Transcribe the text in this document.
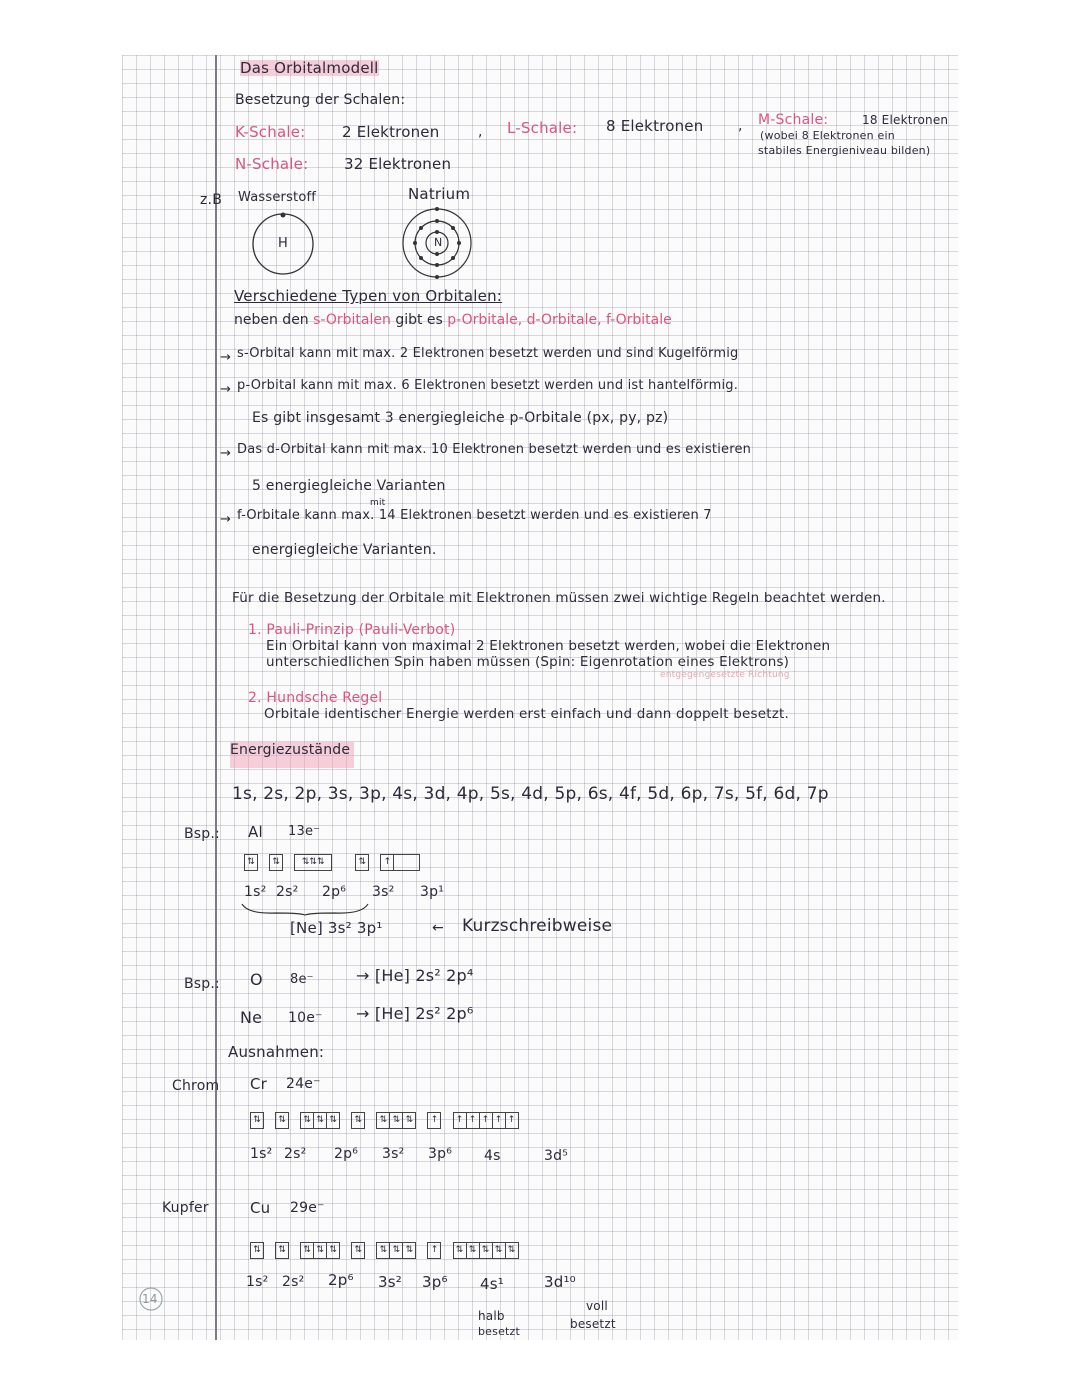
Das Orbitalmodell
Besetzung der Schalen:
K-Schale: 2 Elektronen	, L-Schale: 8 Elektronen , M-Schale:	18 Elektronen
(wobei 8 Elektronen ein
stabiles Energieniveau bilden)
N-Schale: 32 Elektronen
z.B Wasserstoff	Natrium
H	N
Verschiedene Typen von Orbitalen:
neben den s-Orbitalen gibt es p-Orbitale, d-Orbitale, f-Orbitale
→ s-Orbital kann mit max. 2 Elektronen besetzt werden und sind Kugelförmig
→ p-Orbital kann mit max. 6 Elektronen besetzt werden und ist hantelförmig.
Es gibt insgesamt 3 energiegleiche p-Orbitale (px, py, pz)
→ Das d-Orbital kann mit max. 10 Elektronen besetzt werden und es existieren
5 energiegleiche Varianten
mit
→ f-Orbitale kann max. 14 Elektronen besetzt werden und es existieren 7
energiegleiche Varianten.
Für die Besetzung der Orbitale mit Elektronen müssen zwei wichtige Regeln beachtet werden.
1. Pauli-Prinzip (Pauli-Verbot)
Ein Orbital kann von maximal 2 Elektronen besetzt werden, wobei die Elektronen
unterschiedlichen Spin haben müssen (Spin: Eigenrotation eines Elektrons)
entgegengesetzte Richtung
2. Hundsche Regel
Orbitale identischer Energie werden erst einfach und dann doppelt besetzt.
Energiezustände
1s, 2s, 2p, 3s, 3p, 4s, 3d, 4p, 5s, 4d, 5p, 6s, 4f, 5d, 6p, 7s, 5f, 6d, 7p
Bsp.: Al 13e⁻
⇅ ⇅ ⇅⇅⇅	⇅ ↑
1s² 2s² 2p⁶ 3s² 3p¹
[Ne] 3s² 3p¹	← Kurzschreibweise
Bsp.: O 8e⁻	→ [He] 2s² 2p⁴
Ne 10e⁻ → [He] 2s² 2p⁶
Ausnahmen:
Chrom Cr 24e⁻
⇅ ⇅ ⇅ ⇅ ⇅ ⇅ ⇅ ⇅ ⇅ ↑ ↑ ↑ ↑ ↑ ↑
1s² 2s² 2p⁶ 3s² 3p⁶ 4s	3d⁵
Kupfer	Cu 29e⁻
⇅ ⇅ ⇅ ⇅ ⇅ ⇅ ⇅ ⇅ ⇅ ↑ ⇅ ⇅ ⇅ ⇅ ⇅
1s² 2s² 2p⁶ 3s² 3p⁶ 4s¹	3d¹⁰
halb
besetzt
voll
besetzt
14
